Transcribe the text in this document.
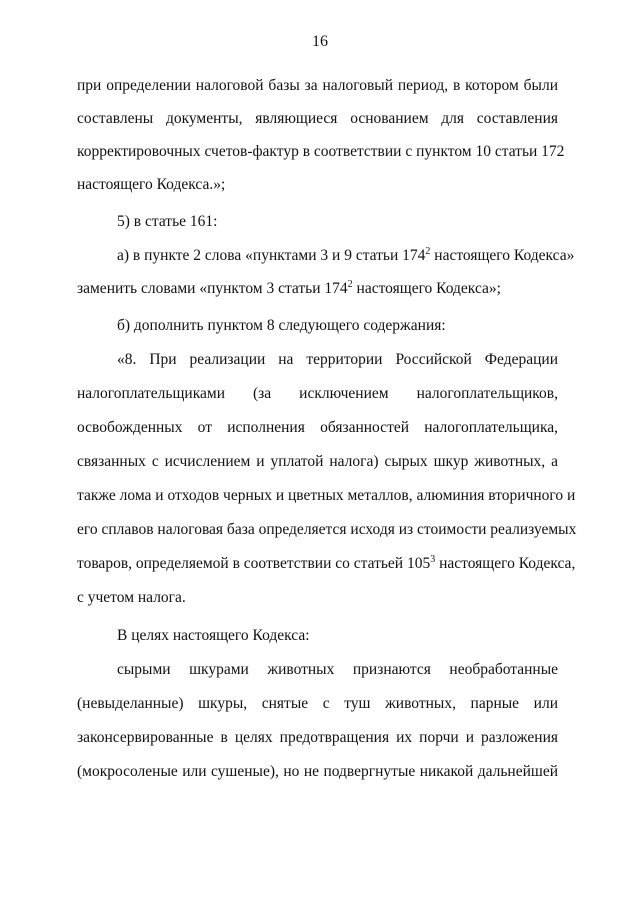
16
при определении налоговой базы за налоговый период, в котором были
составлены документы, являющиеся основанием для составления
корректировочных счетов-фактур в соответствии с пунктом 10 статьи 172
настоящего Кодекса.»;
5) в статье 161:
а) в пункте 2 слова «пунктами 3 и 9 статьи $174^2$ настоящего Кодекса»
заменить словами «пунктом 3 статьи $174^2$ настоящего Кодекса»;
б) дополнить пунктом 8 следующего содержания:
«8. При реализации на территории Российской Федерации
налогоплательщиками (за исключением налогоплательщиков,
освобожденных от исполнения обязанностей налогоплательщика,
связанных с исчислением и уплатой налога) сырых шкур животных, а
также лома и отходов черных и цветных металлов, алюминия вторичного и
его сплавов налоговая база определяется исходя из стоимости реализуемых
товаров, определяемой в соответствии со статьей $105^3$ настоящего Кодекса,
с учетом налога.
В целях настоящего Кодекса:
сырыми шкурами животных признаются необработанные
(невыделанные) шкуры, снятые с туш животных, парные или
законсервированные в целях предотвращения их порчи и разложения
(мокросоленые или сушеные), но не подвергнутые никакой дальнейшей
